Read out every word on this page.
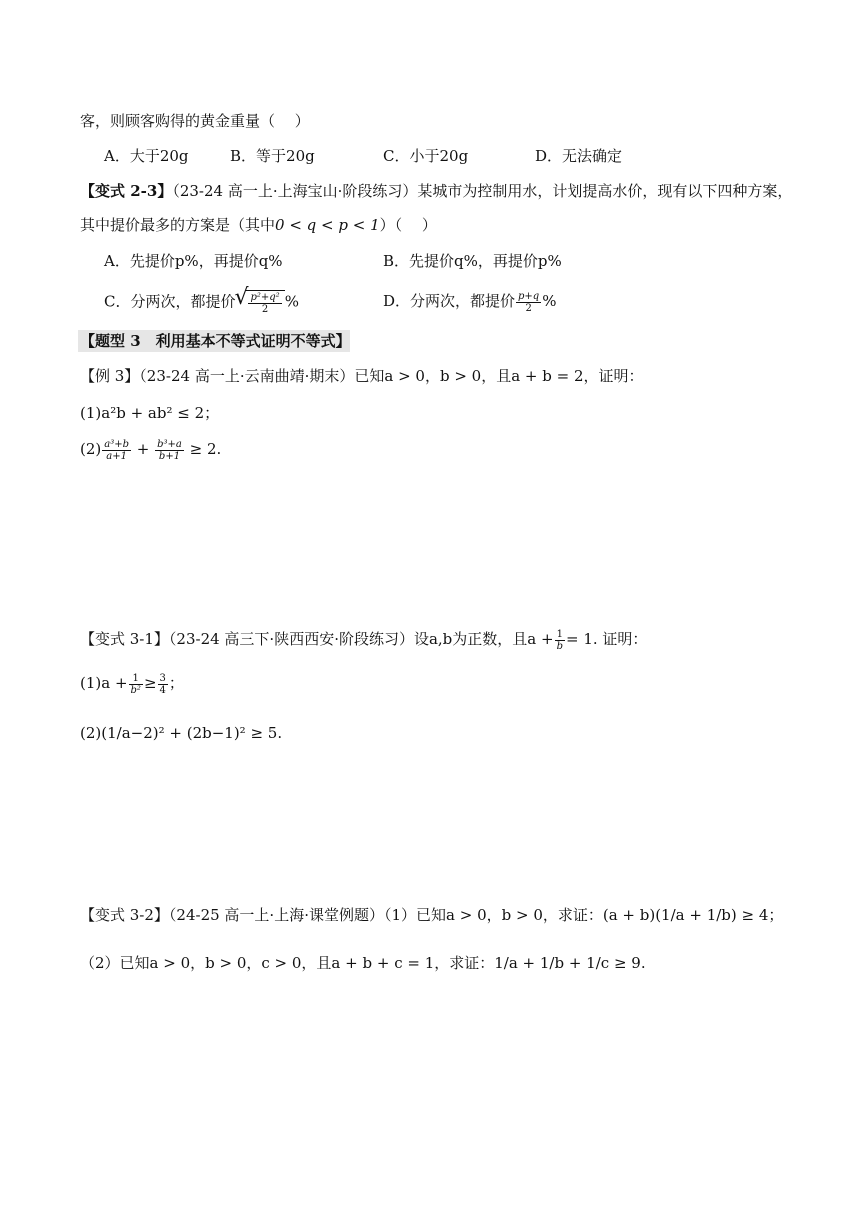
客，则顾客购得的黄金重量（　 ）
A．大于20g	B．等于20g	C．小于20g	D．无法确定
【变式 2-3】（23-24 高一上·上海宝山·阶段练习）某城市为控制用水，计划提高水价，现有以下四种方案，
其中提价最多的方案是（其中0 < q < p < 1）（　 ）
A．先提价p%，再提价q%	B．先提价q%，再提价p%
C．分两次，都提价
√ $\frac{\text{p²+q²}}{2}$ %	D．分两次，都提价 $\frac{p+q}{2}$ %
【题型 3　利用基本不等式证明不等式】
【例 3】（23-24 高一上·云南曲靖·期末）已知a > 0，b > 0，且a + b = 2，证明：
(1)a²b + ab² ≤ 2；
$(2) \frac{\text{a³+b}}{a+1} + \frac{\text{b³+a}}{b+1} \ge 2$.
【变式 3-1】（23-24 高三下·陕西西安·阶段练习）设a,b为正数，且$a + \frac{1}{b} = 1$. 证明：
$(1)a + \frac{1}{\text{b²}} \ge \frac{3}{4}$ ；
(2)(1/a−2)² + (2b−1)² ≥ 5.
【变式 3-2】（24-25 高一上·上海·课堂例题）（1）已知a > 0，b > 0，求证：(a + b)(1/a + 1/b) ≥ 4；
（2）已知a > 0，b > 0，c > 0，且a + b + c = 1，求证：1/a + 1/b + 1/c ≥ 9.
